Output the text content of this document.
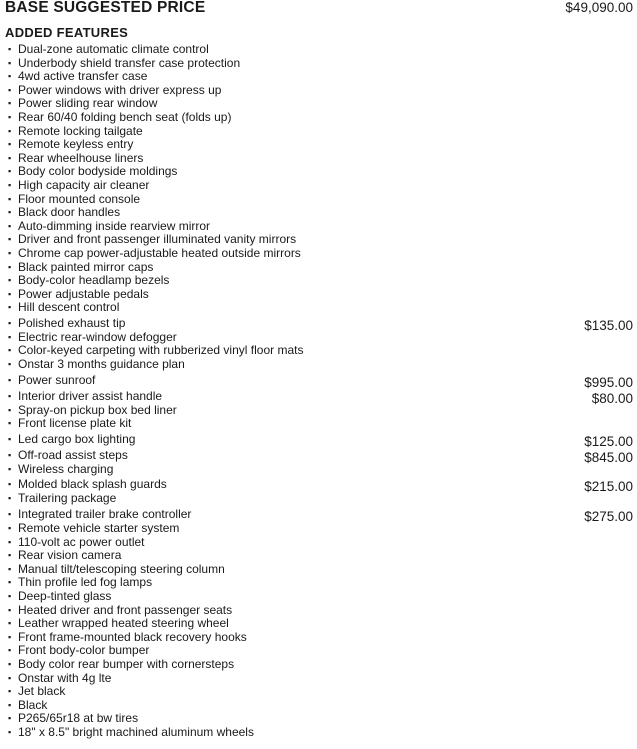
BASE SUGGESTED PRICE	$49,090.00
ADDED FEATURES
▪ Dual-zone automatic climate control
▪ Underbody shield transfer case protection
▪ 4wd active transfer case
▪ Power windows with driver express up
▪ Power sliding rear window
▪ Rear 60/40 folding bench seat (folds up)
▪ Remote locking tailgate
▪ Remote keyless entry
▪ Rear wheelhouse liners
▪ Body color bodyside moldings
▪ High capacity air cleaner
▪ Floor mounted console
▪ Black door handles
▪ Auto-dimming inside rearview mirror
▪ Driver and front passenger illuminated vanity mirrors
▪ Chrome cap power-adjustable heated outside mirrors
▪ Black painted mirror caps
▪ Body-color headlamp bezels
▪ Power adjustable pedals
▪ Hill descent control
▪ Polished exhaust tip	$135.00
▪ Electric rear-window defogger
▪ Color-keyed carpeting with rubberized vinyl floor mats
▪ Onstar 3 months guidance plan
▪ Power sunroof	$995.00
▪ Interior driver assist handle	$80.00
▪ Spray-on pickup box bed liner
▪ Front license plate kit
▪ Led cargo box lighting	$125.00
▪ Off-road assist steps	$845.00
▪ Wireless charging
▪ Molded black splash guards	$215.00
▪ Trailering package
▪ Integrated trailer brake controller	$275.00
▪ Remote vehicle starter system
▪ 110-volt ac power outlet
▪ Rear vision camera
▪ Manual tilt/telescoping steering column
▪ Thin profile led fog lamps
▪ Deep-tinted glass
▪ Heated driver and front passenger seats
▪ Leather wrapped heated steering wheel
▪ Front frame-mounted black recovery hooks
▪ Front body-color bumper
▪ Body color rear bumper with cornersteps
▪ Onstar with 4g lte
▪ Jet black
▪ Black
▪ P265/65r18 at bw tires
▪ 18" x 8.5" bright machined aluminum wheels
